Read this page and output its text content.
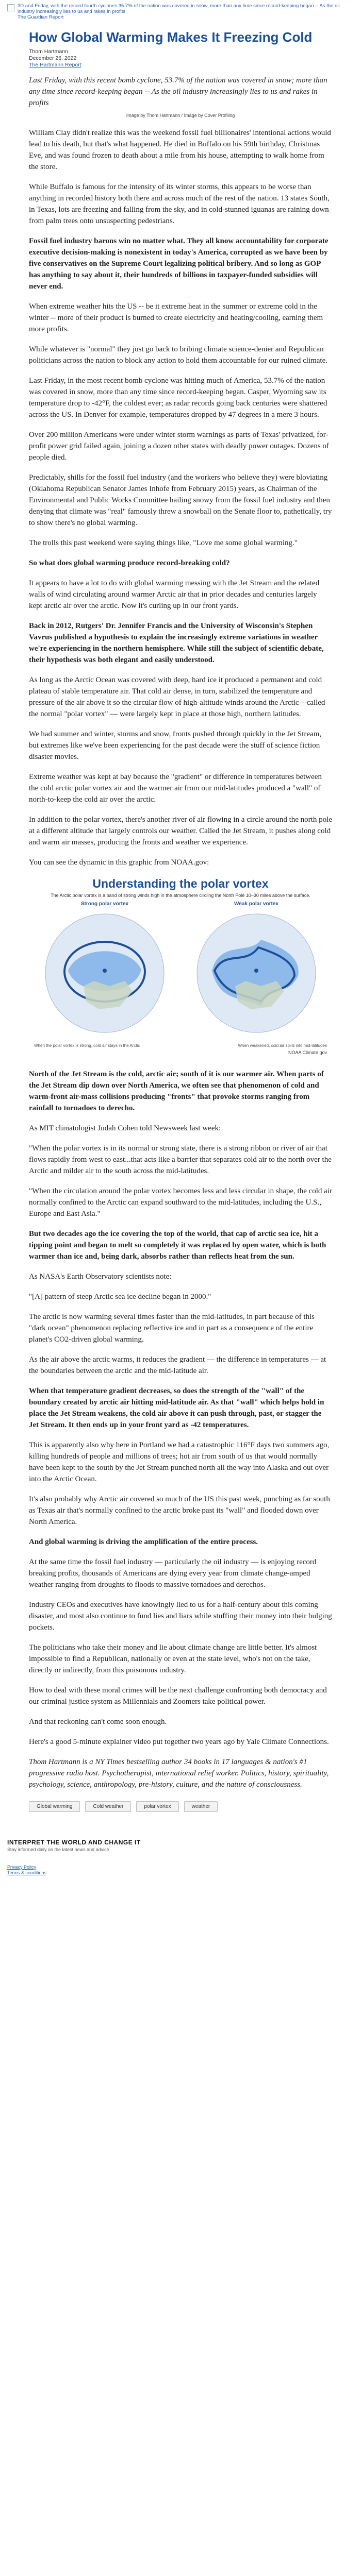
3D and Friday, with the record fourth cyclones 35.7% of the nation was covered in snow, more than any time since record-keeping began -- As the oil industry increasingly lies to us and rakes in profits
The Guardian Report
How Global Warming Makes It Freezing Cold
Thom Hartmann
December 26, 2022
The Hartmann Report

Last Friday, with this recent bomb cyclone, 53.7% of the nation was covered in snow; more than any time since record-keeping began -- As the oil industry increasingly lies to us and rakes in profits

Image by Thom Hartmann / Image by Cover Profiling

William Clay didn't realize this was the weekend fossil fuel billionaires' intentional actions would lead to his death, but that's what happened. He died in Buffalo on his 59th birthday, Christmas Eve, and was found frozen to death about a mile from his house, attempting to walk home from the store.

While Buffalo is famous for the intensity of its winter storms, this appears to be worse than anything in recorded history both there and across much of the rest of the nation. 13 states South, in Texas, lots are freezing and falling from the sky, and in cold-stunned iguanas are raining down from palm trees onto unsuspecting pedestrians.

Fossil fuel industry barons win no matter what. They all know accountability for corporate executive decision-making is nonexistent in today's America, corrupted as we have been by five conservatives on the Supreme Court legalizing political bribery. And so long as GOP has anything to say about it, their hundreds of billions in taxpayer-funded subsidies will never end.

When extreme weather hits the US -- be it extreme heat in the summer or extreme cold in the winter -- more of their product is burned to create electricity and heating/cooling, earning them more profits.

While whatever is "normal" they just go back to bribing climate science-denier and Republican politicians across the nation to block any action to hold them accountable for our ruined climate.

Last Friday, in the most recent bomb cyclone was hitting much of America, 53.7% of the nation was covered in snow, more than any time since record-keeping began. Casper, Wyoming saw its temperature drop to -42°F, the coldest ever; as radar records going back centuries were shattered across the US. In Denver for example, temperatures dropped by 47 degrees in a mere 3 hours.

Over 200 million Americans were under winter storm warnings as parts of Texas' privatized, for-profit power grid failed again, joining a dozen other states with deadly power outages. Dozens of people died.

Predictably, shills for the fossil fuel industry (and the workers who believe they) were bloviating (Oklahoma Republican Senator James Inhofe from February 2015) years, as Chairman of the Environmental and Public Works Committee hailing snowy from the fossil fuel industry and then denying that climate was "real" famously threw a snowball on the Senate floor to, pathetically, try to show there's no global warming.

The trolls this past weekend were saying things like, "Love me some global warming."

So what does global warming produce record-breaking cold?

It appears to have a lot to do with global warming messing with the Jet Stream and the related walls of wind circulating around warmer Arctic air that in prior decades and centuries largely kept arctic air over the arctic. Now it's curling up in our front yards.

Back in 2012, Rutgers' Dr. Jennifer Francis and the University of Wisconsin's Stephen Vavrus published a hypothesis to explain the increasingly extreme variations in weather we're experiencing in the northern hemisphere. While still the subject of scientific debate, their hypothesis was both elegant and easily understood.

As long as the Arctic Ocean was covered with deep, hard ice it produced a permanent and cold plateau of stable temperature air. That cold air dense, in turn, stabilized the temperature and pressure of the air above it so the circular flow of high-altitude winds around the Arctic—called the normal "polar vortex" — were largely kept in place at those high, northern latitudes.

We had summer and winter, storms and snow, fronts pushed through quickly in the Jet Stream, but extremes like we've been experiencing for the past decade were the stuff of science fiction disaster movies.

Extreme weather was kept at bay because the "gradient" or difference in temperatures between the cold arctic polar vortex air and the warmer air from our mid-latitudes produced a "wall" of north-to-keep the cold air over the arctic.

In addition to the polar vortex, there's another river of air flowing in a circle around the north pole at a different altitude that largely controls our weather. Called the Jet Stream, it pushes along cold and warm air masses, producing the fronts and weather we experience.

You can see the dynamic in this graphic from NOAA.gov:

Understanding the polar vortex
The Arctic polar vortex is a band of strong winds high in the atmosphere circling the North Pole 10–30 miles above the surface.
Strong polar vortex	Weak polar vortex
When the polar vortex is strong, cold air stays in the Arctic	When weakened, cold air spills into mid-latitudes
NOAA Climate.gov

North of the Jet Stream is the cold, arctic air; south of it is our warmer air. When parts of the Jet Stream dip down over North America, we often see that phenomenon of cold and warm-front air-mass collisions producing "fronts" that provoke storms ranging from rainfall to tornadoes to derecho.

As MIT climatologist Judah Cohen told Newsweek last week:

"When the polar vortex is in its normal or strong state, there is a strong ribbon or river of air that flows rapidly from west to east...that acts like a barrier that separates cold air to the north over the Arctic and milder air to the south across the mid-latitudes.

"When the circulation around the polar vortex becomes less and less circular in shape, the cold air normally confined to the Arctic can expand southward to the mid-latitudes, including the U.S., Europe and East Asia."

But two decades ago the ice covering the top of the world, that cap of arctic sea ice, hit a tipping point and began to melt so completely it was replaced by open water, which is both warmer than ice and, being dark, absorbs rather than reflects heat from the sun.

As NASA's Earth Observatory scientists note:

"[A] pattern of steep Arctic sea ice decline began in 2000."

The arctic is now warming several times faster than the mid-latitudes, in part because of this "dark ocean" phenomenon replacing reflective ice and in part as a consequence of the entire planet's CO2-driven global warming.

As the air above the arctic warms, it reduces the gradient — the difference in temperatures — at the boundaries between the arctic and the mid-latitude air.

When that temperature gradient decreases, so does the strength of the "wall" of the boundary created by arctic air hitting mid-latitude air. As that "wall" which helps hold in place the Jet Stream weakens, the cold air above it can push through, past, or stagger the Jet Stream. It then ends up in your front yard as -42 temperatures.

This is apparently also why here in Portland we had a catastrophic 116°F days two summers ago, killing hundreds of people and millions of trees; hot air from south of us that would normally have been kept to the south by the Jet Stream punched north all the way into Alaska and out over into the Arctic Ocean.

It's also probably why Arctic air covered so much of the US this past week, punching as far south as Texas air that's normally confined to the arctic broke past its "wall" and flooded down over North America.

And global warming is driving the amplification of the entire process.

At the same time the fossil fuel industry — particularly the oil industry — is enjoying record breaking profits, thousands of Americans are dying every year from climate change-amped weather ranging from droughts to floods to massive tornadoes and derechos.

Industry CEOs and executives have knowingly lied to us for a half-century about this coming disaster, and most also continue to fund lies and liars while stuffing their money into their bulging pockets.

The politicians who take their money and lie about climate change are little better. It's almost impossible to find a Republican, nationally or even at the state level, who's not on the take, directly or indirectly, from this poisonous industry.

How to deal with these moral crimes will be the next challenge confronting both democracy and our criminal justice system as Millennials and Zoomers take political power.

And that reckoning can't come soon enough.

Here's a good 5-minute explainer video put together two years ago by Yale Climate Connections.

Thom Hartmann is a NY Times bestselling author 34 books in 17 languages & nation's #1 progressive radio host. Psychotherapist, international relief worker. Politics, history, spirituality, psychology, science, anthropology, pre-history, culture, and the nature of consciousness.

Global warming	Cold weather	polar vortex	weather
INTERPRET THE WORLD AND CHANGE IT
Stay informed daily on the latest news and advice
Privacy Policy
Terms & conditions
